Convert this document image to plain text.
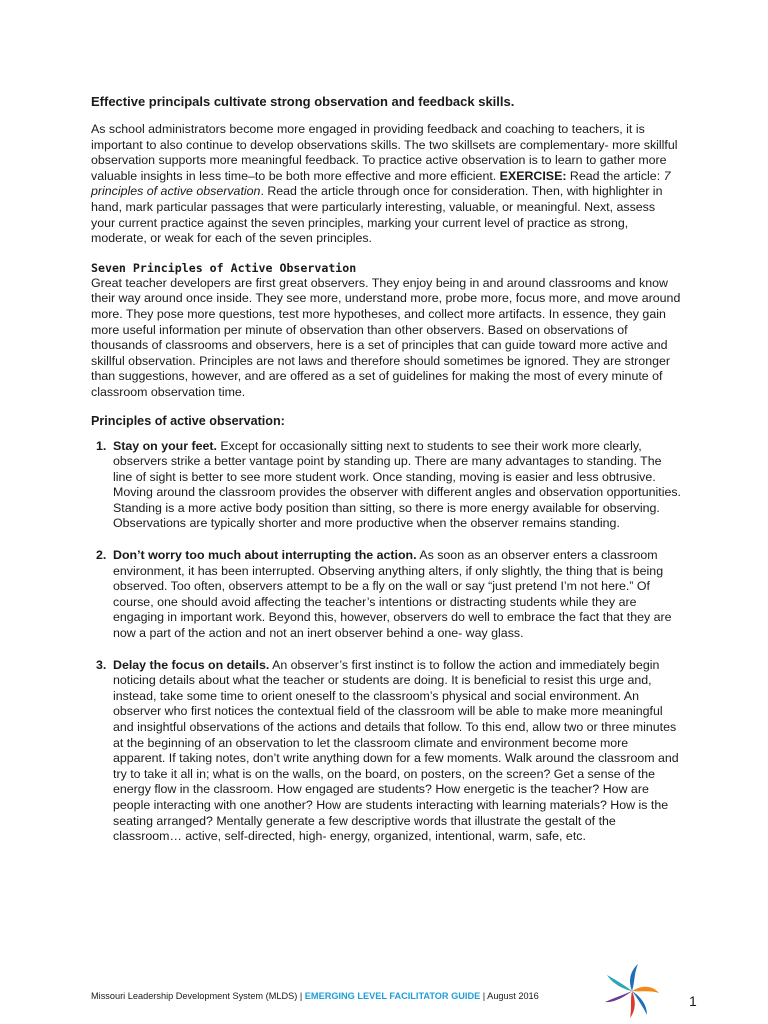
Effective principals cultivate strong observation and feedback skills.

As school administrators become more engaged in providing feedback and coaching to teachers, it is important to also continue to develop observations skills. The two skillsets are complementary- more skillful observation supports more meaningful feedback. To practice active observation is to learn to gather more valuable insights in less time–to be both more effective and more efficient. EXERCISE: Read the article: 7 principles of active observation. Read the article through once for consideration. Then, with highlighter in hand, mark particular passages that were particularly interesting, valuable, or meaningful. Next, assess your current practice against the seven principles, marking your current level of practice as strong, moderate, or weak for each of the seven principles.

Seven Principles of Active Observation

Great teacher developers are first great observers. They enjoy being in and around classrooms and know their way around once inside. They see more, understand more, probe more, focus more, and move around more. They pose more questions, test more hypotheses, and collect more artifacts. In essence, they gain more useful information per minute of observation than other observers. Based on observations of thousands of classrooms and observers, here is a set of principles that can guide toward more active and skillful observation. Principles are not laws and therefore should sometimes be ignored. They are stronger than suggestions, however, and are offered as a set of guidelines for making the most of every minute of classroom observation time.

Principles of active observation:

1. Stay on your feet. Except for occasionally sitting next to students to see their work more clearly, observers strike a better vantage point by standing up. There are many advantages to standing. The line of sight is better to see more student work. Once standing, moving is easier and less obtrusive. Moving around the classroom provides the observer with different angles and observation opportunities. Standing is a more active body position than sitting, so there is more energy available for observing. Observations are typically shorter and more productive when the observer remains standing.
2. Don’t worry too much about interrupting the action. As soon as an observer enters a classroom environment, it has been interrupted. Observing anything alters, if only slightly, the thing that is being observed. Too often, observers attempt to be a fly on the wall or say “just pretend I’m not here.” Of course, one should avoid affecting the teacher’s intentions or distracting students while they are engaging in important work. Beyond this, however, observers do well to embrace the fact that they are now a part of the action and not an inert observer behind a one- way glass.
3. Delay the focus on details. An observer’s first instinct is to follow the action and immediately begin noticing details about what the teacher or students are doing. It is beneficial to resist this urge and, instead, take some time to orient oneself to the classroom’s physical and social environment. An observer who first notices the contextual field of the classroom will be able to make more meaningful and insightful observations of the actions and details that follow. To this end, allow two or three minutes at the beginning of an observation to let the classroom climate and environment become more apparent. If taking notes, don’t write anything down for a few moments. Walk around the classroom and try to take it all in; what is on the walls, on the board, on posters, on the screen? Get a sense of the energy flow in the classroom. How engaged are students? How energetic is the teacher? How are people interacting with one another? How are students interacting with learning materials? How is the seating arranged? Mentally generate a few descriptive words that illustrate the gestalt of the classroom… active, self-directed, high- energy, organized, intentional, warm, safe, etc.
Missouri Leadership Development System (MLDS) | EMERGING LEVEL FACILITATOR GUIDE | August 2016	1
